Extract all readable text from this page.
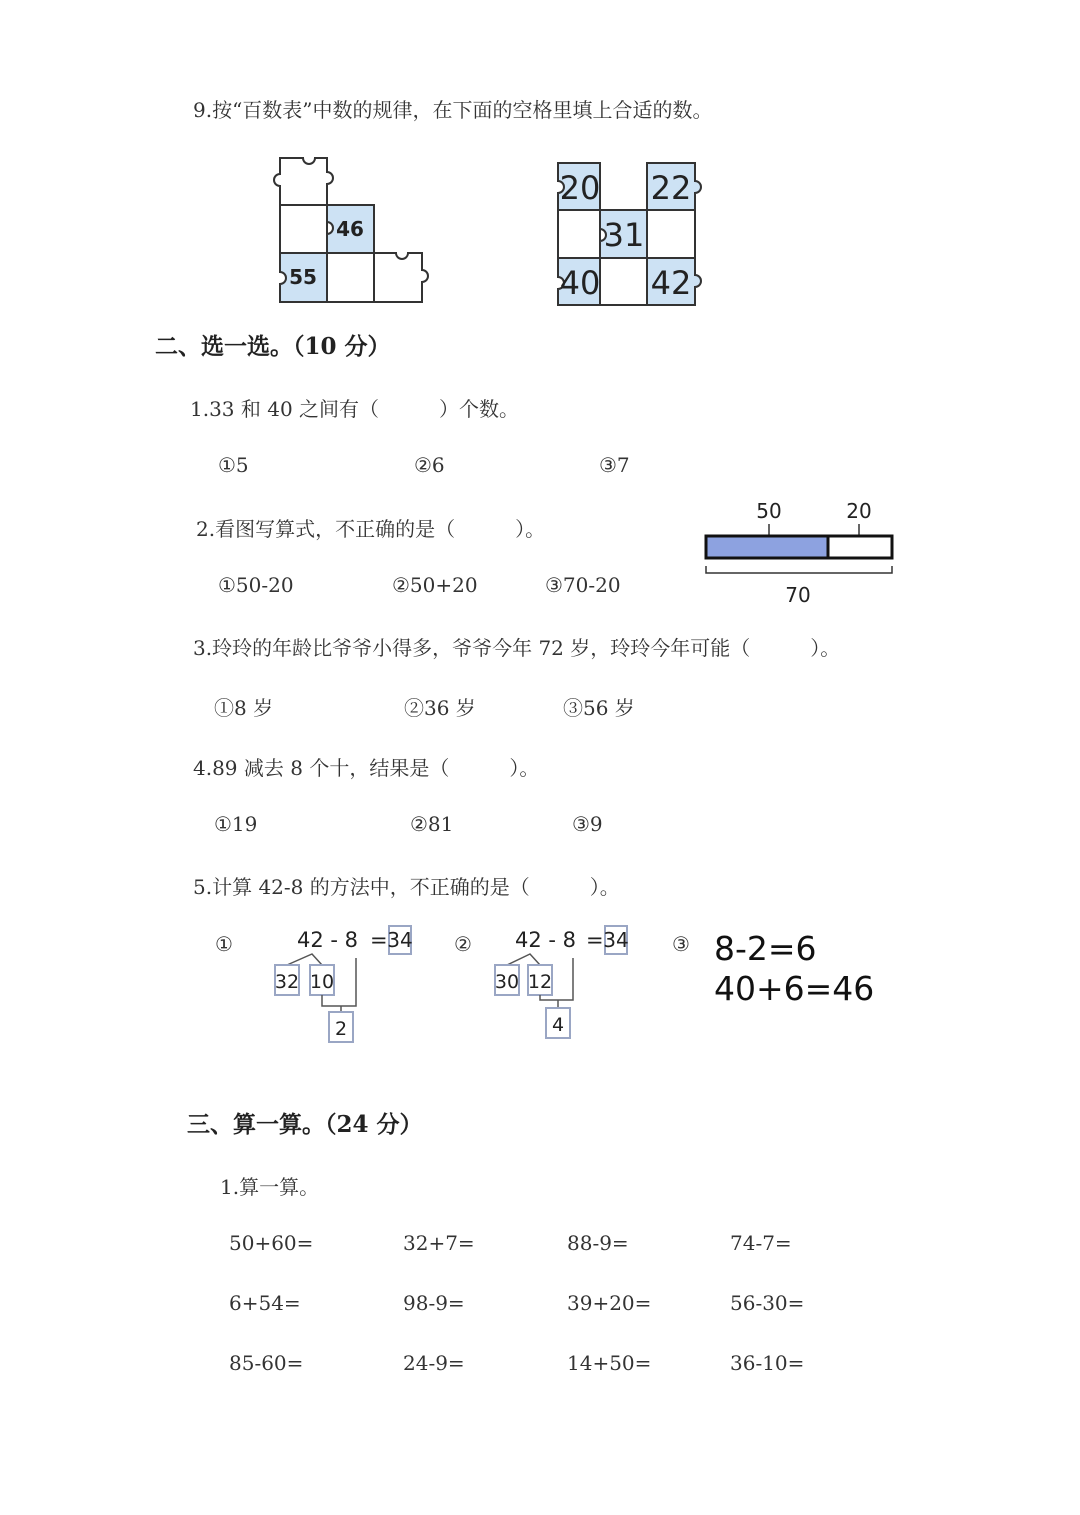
9.按“百数表”中数的规律，在下面的空格里填上合适的数。
46
55
20 22
31
40 42
二、选一选。（10 分）
1.33 和 40 之间有（　　　）个数。
①5	②6	③7
2.看图写算式，不正确的是（　　　）。
①50-20	②50+20	③70-20
50	20
70
3.玲玲的年龄比爷爷小得多，爷爷今年 72 岁，玲玲今年可能（　　　）。
①8 岁	②36 岁	③56 岁
4.89 减去 8 个十，结果是（　　　）。
①19	②81	③9
5.计算 42-8 的方法中，不正确的是（　　　）。
①	42 - 8 = 34
32 10
2
② 42 - 8 = 34
30 12
4
③ 8-2=6
40+6=46
三、算一算。（24 分）
1.算一算。
50+60=	32+7=	88-9=	74-7=
6+54=	98-9=	39+20=	56-30=
85-60=	24-9=	14+50=	36-10=
